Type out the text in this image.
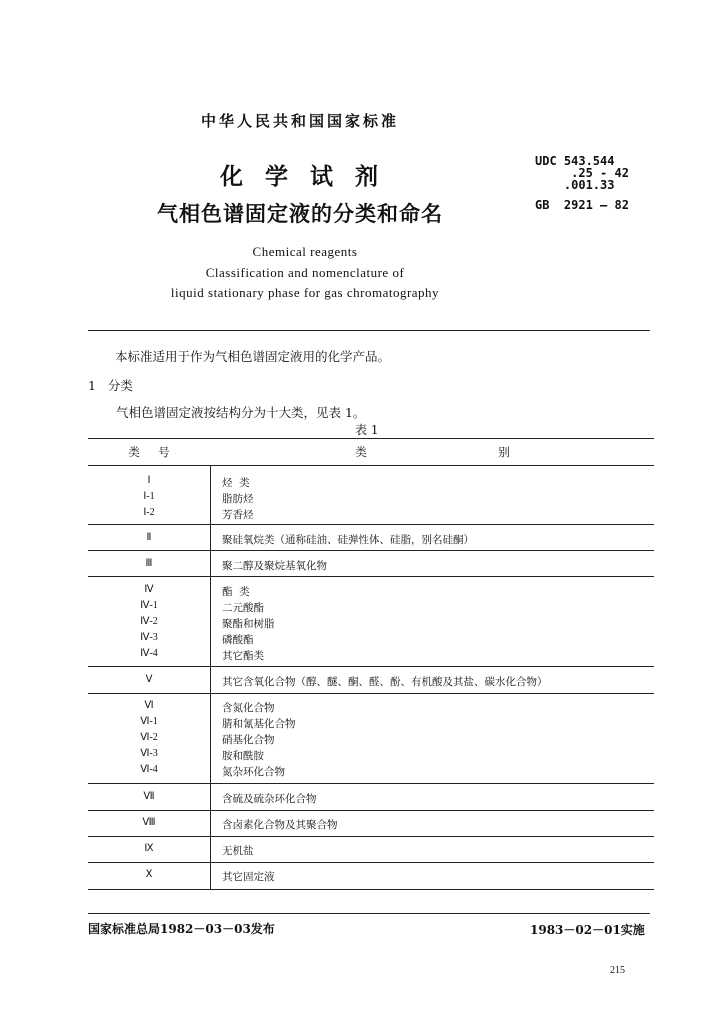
中华人民共和国国家标准
化学试剂
气相色谱固定液的分类和命名
Chemical reagents
Classification and nomenclature of
liquid stationary phase for gas chromatography
UDC 543.544
.25 - 42
.001.33
GB  2921 — 82
本标准适用于作为气相色谱固定液用的化学产品。
1   分类
气相色谱固定液按结构分为十大类，见表 1。
表 1
类     号	类                                    别
Ⅰ	烃  类
Ⅰ-1	脂肪烃
Ⅰ-2	芳香烃
Ⅱ	聚硅氧烷类（通称硅油、硅弹性体、硅脂，别名硅酮）
Ⅲ	聚二醇及聚烷基氧化物
Ⅳ	酯  类
Ⅳ-1	二元酸酯
Ⅳ-2	聚酯和树脂
Ⅳ-3	磷酸酯
Ⅳ-4	其它酯类
Ⅴ	其它含氧化合物（醇、醚、酮、醛、酚、有机酸及其盐、碳水化合物）
Ⅵ	含氮化合物
Ⅵ-1	腈和氰基化合物
Ⅵ-2	硝基化合物
Ⅵ-3	胺和酰胺
Ⅵ-4	氮杂环化合物
Ⅶ	含硫及硫杂环化合物
Ⅷ	含卤素化合物及其聚合物
Ⅸ	无机盐
Ⅹ	其它固定液
国家标准总局1982－03－03发布	1983－02－01实施
215
